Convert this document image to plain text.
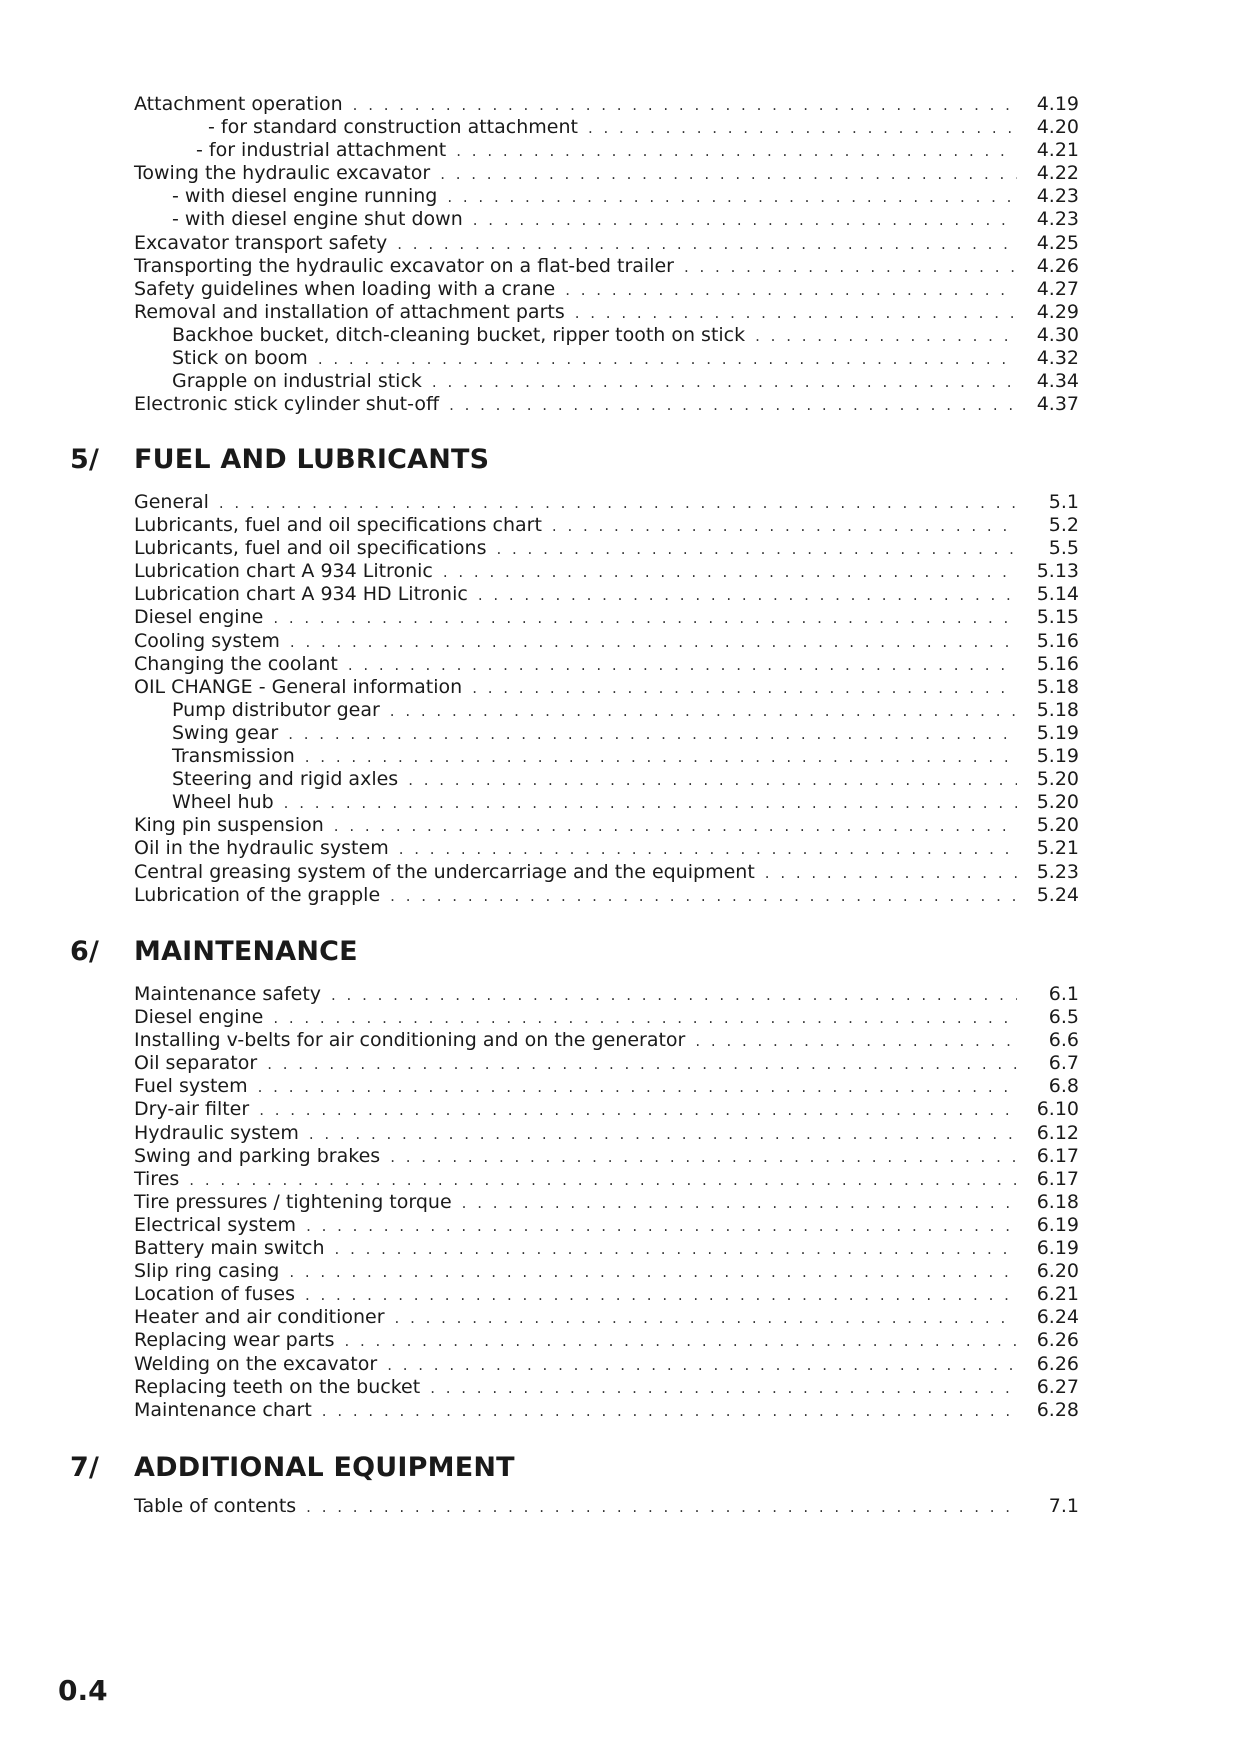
Attachment operation . . .	4.19
- for standard construction attachment . . .	4.20
- for industrial attachment . . .	4.21
Towing the hydraulic excavator . . .	4.22
- with diesel engine running . . .	4.23
- with diesel engine shut down . . .	4.23
Excavator transport safety . . .	4.25
Transporting the hydraulic excavator on a flat-bed trailer . . .	4.26
Safety guidelines when loading with a crane . . .	4.27
Removal and installation of attachment parts . . .	4.29
Backhoe bucket, ditch-cleaning bucket, ripper tooth on stick . . .	4.30
Stick on boom . . .	4.32
Grapple on industrial stick . . .	4.34
Electronic stick cylinder shut-off . . .	4.37
5/	FUEL AND LUBRICANTS
General . . .	5.1
Lubricants, fuel and oil specifications chart . . .	5.2
Lubricants, fuel and oil specifications . . .	5.5
Lubrication chart A 934 Litronic . . .	5.13
Lubrication chart A 934 HD Litronic . . .	5.14
Diesel engine . . .	5.15
Cooling system . . .	5.16
Changing the coolant . . .	5.16
OIL CHANGE - General information . . .	5.18
Pump distributor gear . . .	5.18
Swing gear . . .	5.19
Transmission . . .	5.19
Steering and rigid axles . . .	5.20
Wheel hub . . .	5.20
King pin suspension . . .	5.20
Oil in the hydraulic system . . .	5.21
Central greasing system of the undercarriage and the equipment . . .	5.23
Lubrication of the grapple . . .	5.24
6/	MAINTENANCE
Maintenance safety . . .	6.1
Diesel engine . . .	6.5
Installing v-belts for air conditioning and on the generator . . .	6.6
Oil separator . . .	6.7
Fuel system . . .	6.8
Dry-air filter . . .	6.10
Hydraulic system . . .	6.12
Swing and parking brakes . . .	6.17
Tires . . .	6.17
Tire pressures / tightening torque . . .	6.18
Electrical system . . .	6.19
Battery main switch . . .	6.19
Slip ring casing . . .	6.20
Location of fuses . . .	6.21
Heater and air conditioner . . .	6.24
Replacing wear parts . . .	6.26
Welding on the excavator . . .	6.26
Replacing teeth on the bucket . . .	6.27
Maintenance chart . . .	6.28
7/	ADDITIONAL EQUIPMENT
Table of contents . . .	7.1
0.4
